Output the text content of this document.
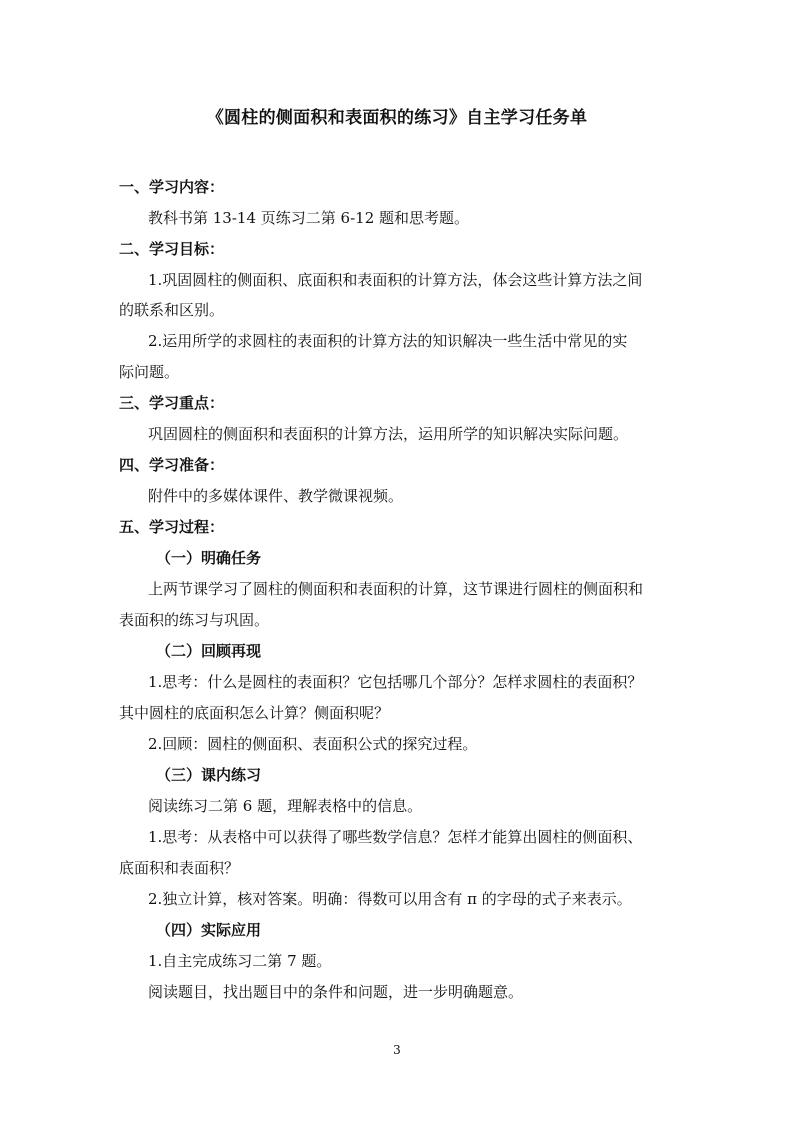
《圆柱的侧面积和表面积的练习》自主学习任务单
一、学习内容：
教科书第 13-14 页练习二第 6-12 题和思考题。
二、学习目标：
1.巩固圆柱的侧面积、底面积和表面积的计算方法，体会这些计算方法之间
的联系和区别。
2.运用所学的求圆柱的表面积的计算方法的知识解决一些生活中常见的实
际问题。
三、学习重点：
巩固圆柱的侧面积和表面积的计算方法，运用所学的知识解决实际问题。
四、学习准备：
附件中的多媒体课件、教学微课视频。
五、学习过程：
（一）明确任务
上两节课学习了圆柱的侧面积和表面积的计算，这节课进行圆柱的侧面积和
表面积的练习与巩固。
（二）回顾再现
1.思考：什么是圆柱的表面积？它包括哪几个部分？怎样求圆柱的表面积？
其中圆柱的底面积怎么计算？侧面积呢？
2.回顾：圆柱的侧面积、表面积公式的探究过程。
（三）课内练习
阅读练习二第 6 题，理解表格中的信息。
1.思考：从表格中可以获得了哪些数学信息？怎样才能算出圆柱的侧面积、
底面积和表面积？
2.独立计算，核对答案。明确：得数可以用含有 π 的字母的式子来表示。
（四）实际应用
1.自主完成练习二第 7 题。
阅读题目，找出题目中的条件和问题，进一步明确题意。
3
